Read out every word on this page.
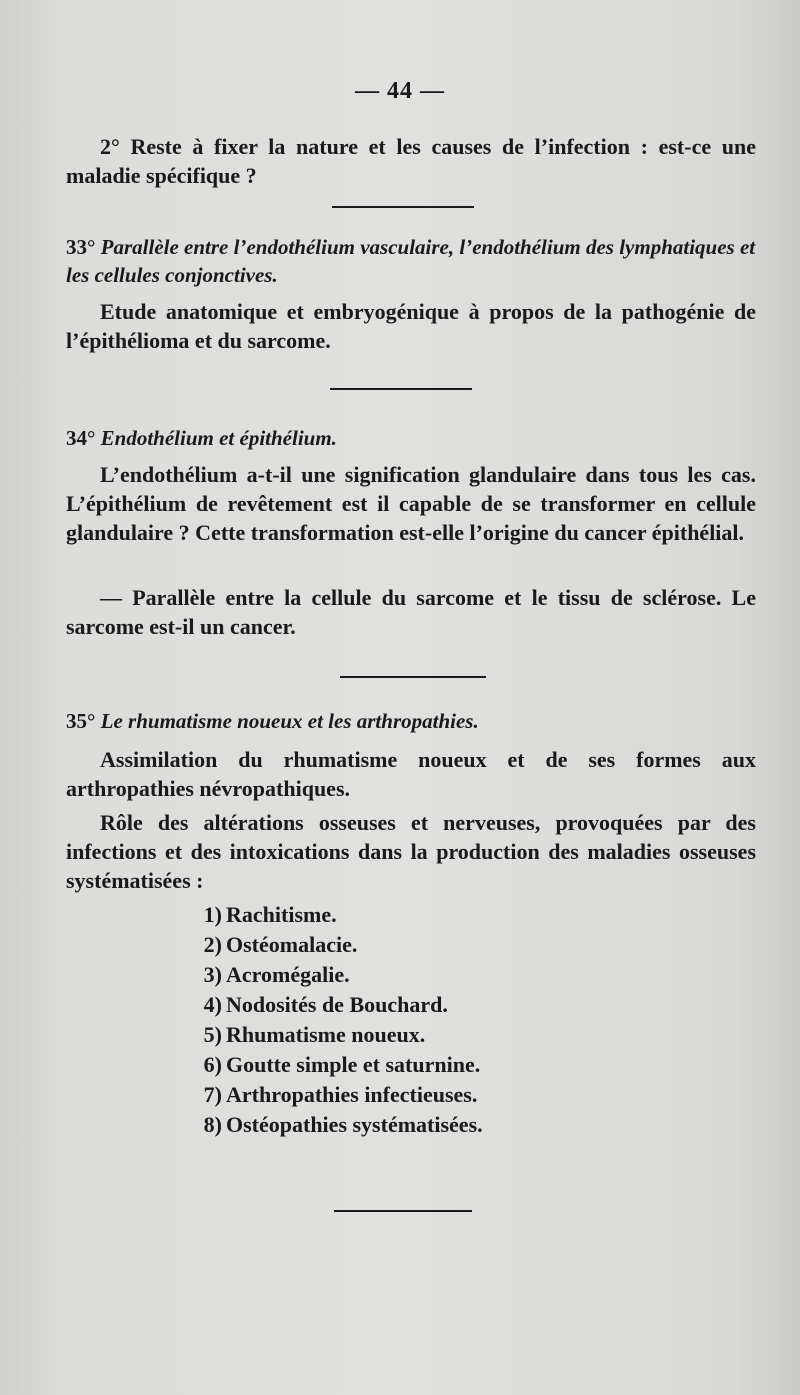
— 44 —
2° Reste à fixer la nature et les causes de l’infection : est-ce une maladie spécifique ?
33° Parallèle entre l’endothélium vasculaire, l’endothélium des lymphatiques et les cellules conjonctives.
Etude anatomique et embryogénique à propos de la pathogénie de l’épithélioma et du sarcome.
34° Endothélium et épithélium.
L’endothélium a-t-il une signification glandulaire dans tous les cas. L’épithélium de revêtement est il capable de se transformer en cellule glandulaire ? Cette transformation est-elle l’origine du cancer épithélial.
— Parallèle entre la cellule du sarcome et le tissu de sclérose. Le sarcome est-il un cancer.
35° Le rhumatisme noueux et les arthropathies.
Assimilation du rhumatisme noueux et de ses formes aux arthropathies névropathiques.
Rôle des altérations osseuses et nerveuses, provoquées par des infections et des intoxications dans la production des maladies osseuses systématisées :
1) Rachitisme.
2) Ostéomalacie.
3) Acromégalie.
4) Nodosités de Bouchard.
5) Rhumatisme noueux.
6) Goutte simple et saturnine.
7) Arthropathies infectieuses.
8) Ostéopathies systématisées.
